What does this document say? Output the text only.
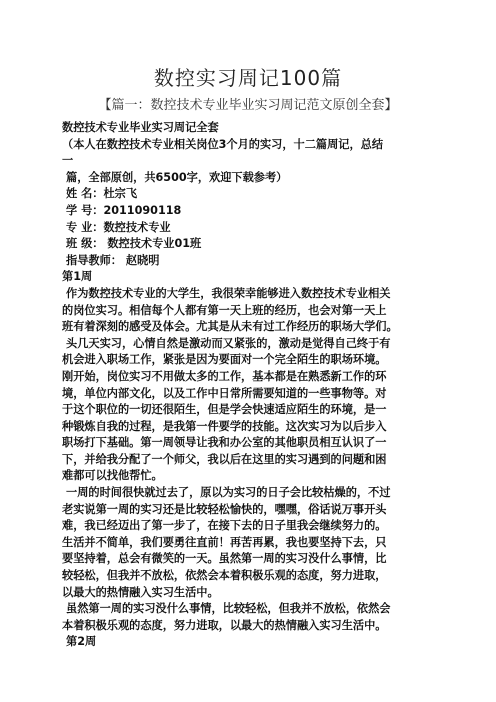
数控实习周记100篇
【篇一：数控技术专业毕业实习周记范文原创全套】
数控技术专业毕业实习周记全套
（本人在数控技术专业相关岗位3个月的实习，十二篇周记，总结
一
篇，全部原创，共6500字，欢迎下载参考）
姓 名：杜宗飞
学 号：2011090118
专 业：数控技术专业
班 级： 数控技术专业01班
指导教师： 赵晓明
第1周
作为数控技术专业的大学生，我很荣幸能够进入数控技术专业相关
的岗位实习。相信每个人都有第一天上班的经历，也会对第一天上
班有着深刻的感受及体会。尤其是从未有过工作经历的职场大学们。
头几天实习，心情自然是激动而又紧张的，激动是觉得自己终于有
机会进入职场工作，紧张是因为要面对一个完全陌生的职场环境。
刚开始，岗位实习不用做太多的工作，基本都是在熟悉新工作的环
境，单位内部文化，以及工作中日常所需要知道的一些事物等。对
于这个职位的一切还很陌生，但是学会快速适应陌生的环境，是一
种锻炼自我的过程，是我第一件要学的技能。这次实习为以后步入
职场打下基础。第一周领导让我和办公室的其他职员相互认识了一
下，并给我分配了一个师父，我以后在这里的实习遇到的问题和困
难都可以找他帮忙。
一周的时间很快就过去了，原以为实习的日子会比较枯燥的，不过
老实说第一周的实习还是比较轻松愉快的，嘿嘿，俗话说万事开头
难，我已经迈出了第一步了，在接下去的日子里我会继续努力的。
生活并不简单，我们要勇往直前！再苦再累，我也要坚持下去，只
要坚持着，总会有微笑的一天。虽然第一周的实习没什么事情，比
较轻松，但我并不放松，依然会本着积极乐观的态度，努力进取，
以最大的热情融入实习生活中。
虽然第一周的实习没什么事情，比较轻松，但我并不放松，依然会
本着积极乐观的态度，努力进取，以最大的热情融入实习生活中。
第2周
